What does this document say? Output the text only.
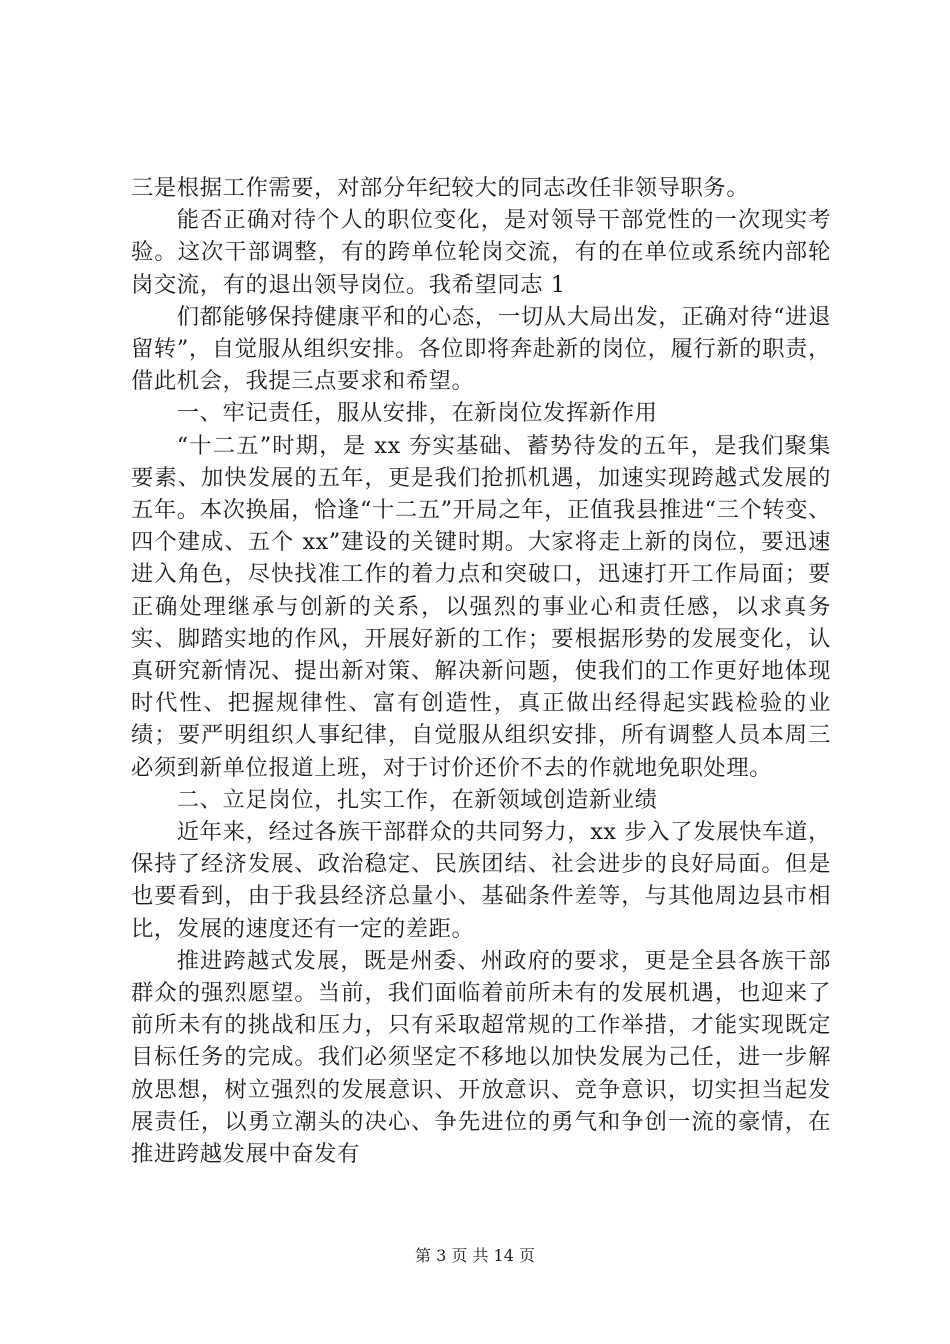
三是根据工作需要，对部分年纪较大的同志改任非领导职务。

能否正确对待个人的职位变化，是对领导干部党性的一次现实考验。这次干部调整，有的跨单位轮岗交流，有的在单位或系统内部轮岗交流，有的退出领导岗位。我希望同志 1

们都能够保持健康平和的心态，一切从大局出发，正确对待“进退留转”，自觉服从组织安排。各位即将奔赴新的岗位，履行新的职责，借此机会，我提三点要求和希望。

一、牢记责任，服从安排，在新岗位发挥新作用

“十二五”时期，是 xx 夯实基础、蓄势待发的五年，是我们聚集要素、加快发展的五年，更是我们抢抓机遇，加速实现跨越式发展的五年。本次换届，恰逢“十二五”开局之年，正值我县推进“三个转变、四个建成、五个 xx”建设的关键时期。大家将走上新的岗位，要迅速进入角色，尽快找准工作的着力点和突破口，迅速打开工作局面；要正确处理继承与创新的关系，以强烈的事业心和责任感，以求真务实、脚踏实地的作风，开展好新的工作；要根据形势的发展变化，认真研究新情况、提出新对策、解决新问题，使我们的工作更好地体现时代性、把握规律性、富有创造性，真正做出经得起实践检验的业绩；要严明组织人事纪律，自觉服从组织安排，所有调整人员本周三必须到新单位报道上班，对于讨价还价不去的作就地免职处理。

二、立足岗位，扎实工作，在新领域创造新业绩

近年来，经过各族干部群众的共同努力，xx 步入了发展快车道，保持了经济发展、政治稳定、民族团结、社会进步的良好局面。但是也要看到，由于我县经济总量小、基础条件差等，与其他周边县市相比，发展的速度还有一定的差距。

推进跨越式发展，既是州委、州政府的要求，更是全县各族干部群众的强烈愿望。当前，我们面临着前所未有的发展机遇，也迎来了前所未有的挑战和压力，只有采取超常规的工作举措，才能实现既定目标任务的完成。我们必须坚定不移地以加快发展为己任，进一步解放思想，树立强烈的发展意识、开放意识、竞争意识，切实担当起发展责任，以勇立潮头的决心、争先进位的勇气和争创一流的豪情，在推进跨越发展中奋发有

第 3 页 共 14 页
